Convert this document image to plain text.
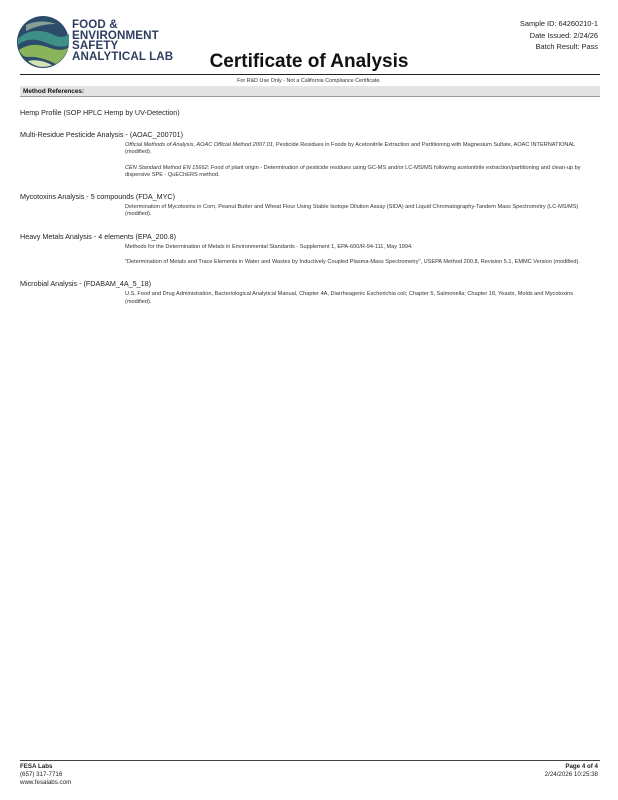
FOOD &
ENVIRONMENT
SAFETY
ANALYTICAL LAB	Certificate of Analysis
Sample ID: 64260210-1
Date Issued: 2/24/26
Batch Result: Pass
For R&D Use Only - Not a California Compliance Certificate.
Method References:
Hemp Profile (SOP HPLC Hemp by UV-Detection)
Multi-Residue Pesticide Analysis - (AOAC_200701)
Official Methods of Analysis, AOAC Official Method 2007.01, Pesticide Residues in Foods by Acetonitrile Extraction and Partitioning with Magnesium Sulfate, AOAC INTERNATIONAL (modified).
CEN Standard Method EN 15662: Food of plant origin - Determination of pesticide residues using GC-MS and/or LC-MS/MS following acetonitrile extraction/partitioning and clean-up by dispersive SPE - QuEChERS method.
Mycotoxins Analysis - 5 compounds (FDA_MYC)
Determination of Mycotoxins in Corn, Peanut Butter and Wheat Flour Using Stable Isotope Dilution Assay (SIDA) and Liquid Chromatography-Tandem Mass Spectrometry (LC-MS/MS) (modified).
Heavy Metals Analysis - 4 elements (EPA_200.8)
Methods for the Determination of Metals in Environmental Standards - Supplement 1, EPA-600/R-94-111, May 1994.
"Determination of Metals and Trace Elements in Water and Wastes by Inductively Coupled Plasma-Mass Spectrometry", USEPA Method 200.8, Revision 5.1, EMMC Version (modified).
Microbial Analysis - (FDABAM_4A_5_18)
U.S. Food and Drug Administration, Bacteriological Analytical Manual, Chapter 4A, Diarrheagenic Escherichia coli; Chapter 5, Salmonella; Chapter 18, Yeasts, Molds and Mycotoxins (modified).
FESA Labs
(657) 317-7716
www.fesalabs.com
Page 4 of 4
2/24/2026 10:25:38
